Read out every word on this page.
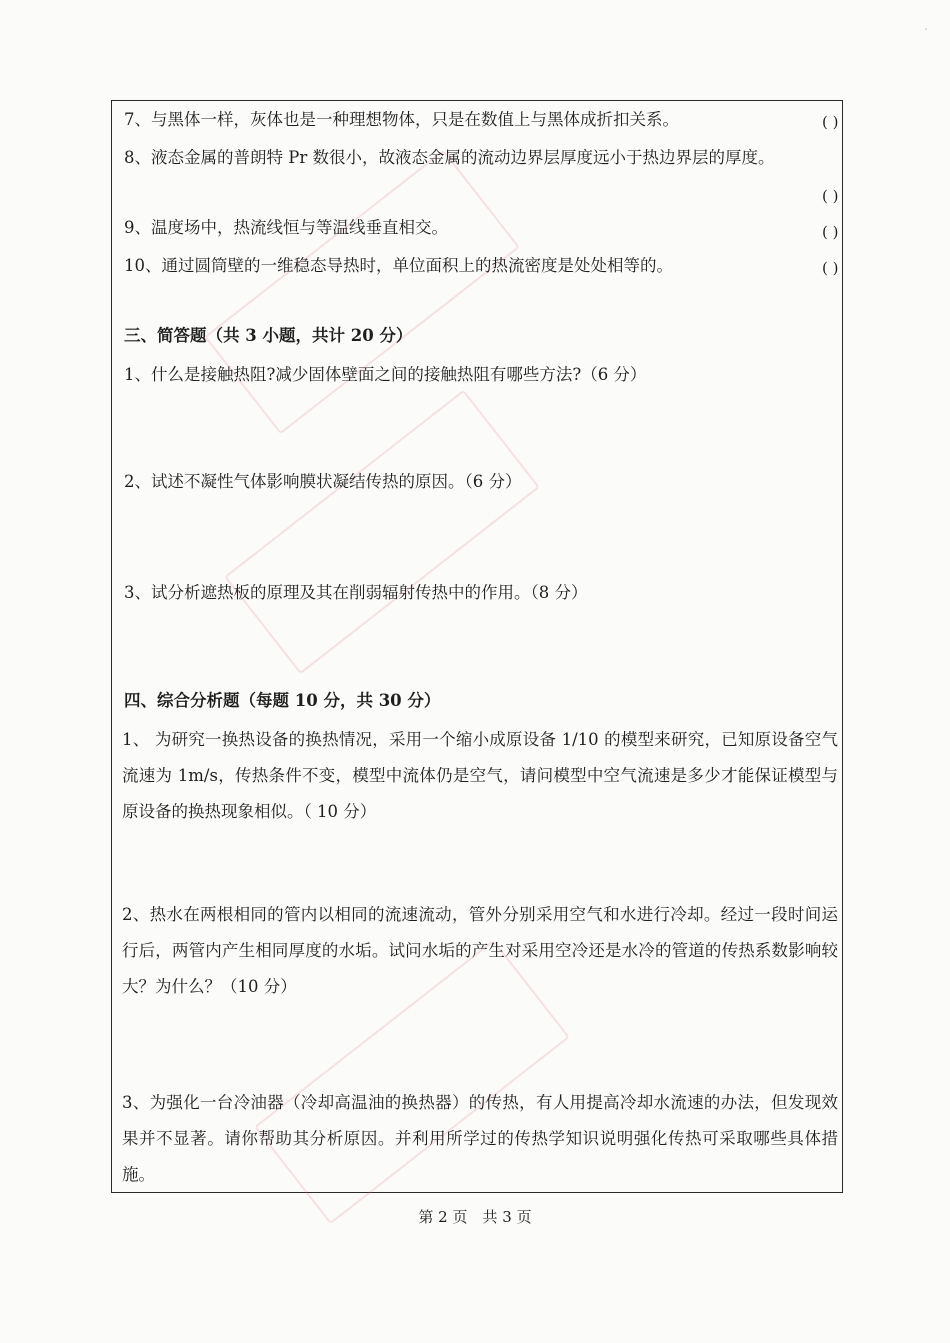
′
7、与黑体一样，灰体也是一种理想物体，只是在数值上与黑体成折扣关系。	( )
8、液态金属的普朗特 Pr 数很小，故液态金属的流动边界层厚度远小于热边界层的厚度。
( )
9、温度场中，热流线恒与等温线垂直相交。	( )
10、通过圆筒壁的一维稳态导热时，单位面积上的热流密度是处处相等的。	( )
三、简答题（共 3 小题，共计 20 分）
1、什么是接触热阻?减少固体壁面之间的接触热阻有哪些方法?（6 分）
2、试述不凝性气体影响膜状凝结传热的原因。（6 分）
3、试分析遮热板的原理及其在削弱辐射传热中的作用。（8 分）
四、综合分析题（每题 10 分，共 30 分）
1、 为研究一换热设备的换热情况，采用一个缩小成原设备 1/10 的模型来研究，已知原设备空气流速为 1m/s，传热条件不变，模型中流体仍是空气，请问模型中空气流速是多少才能保证模型与原设备的换热现象相似。（ 10 分）
2、热水在两根相同的管内以相同的流速流动，管外分别采用空气和水进行冷却。经过一段时间运行后，两管内产生相同厚度的水垢。试问水垢的产生对采用空冷还是水冷的管道的传热系数影响较大？为什么？（10 分）
3、为强化一台冷油器（冷却高温油的换热器）的传热，有人用提高冷却水流速的办法，但发现效果并不显著。请你帮助其分析原因。并利用所学过的传热学知识说明强化传热可采取哪些具体措施。
第 2 页　共 3 页
